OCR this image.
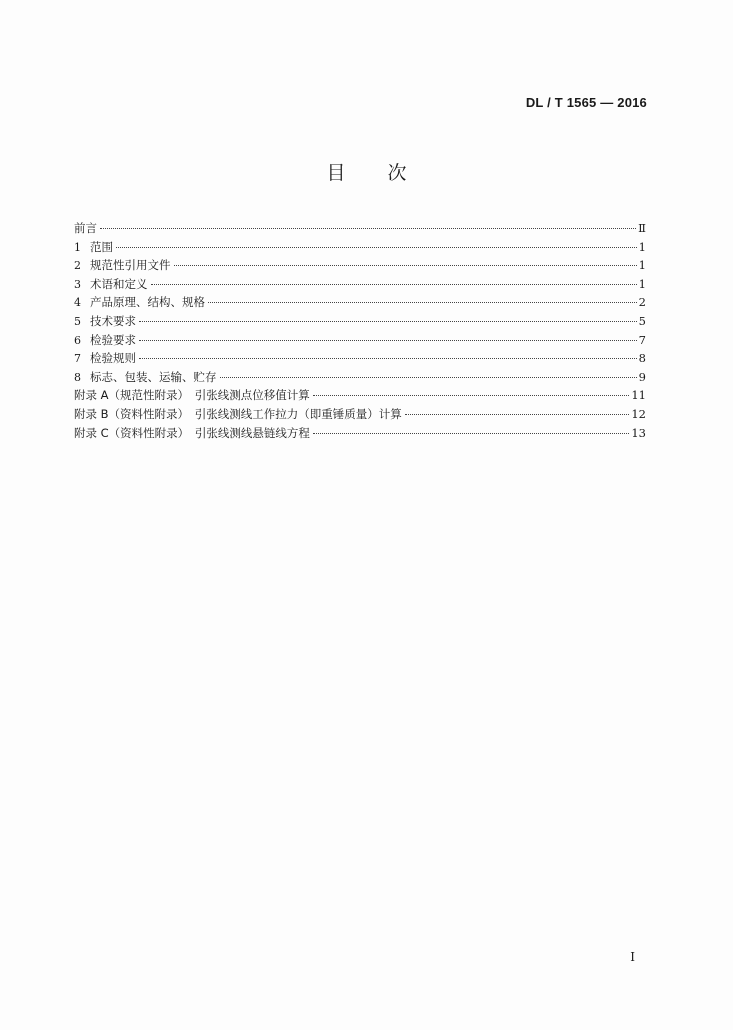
DL / T 1565 — 2016
目 次
前言	Ⅱ
1 范围	1
2 规范性引用文件	1
3 术语和定义	1
4 产品原理、结构、规格	2
5 技术要求	5
6 检验要求	7
7 检验规则	8
8 标志、包装、运输、贮存	9
附录 A（规范性附录）　引张线测点位移值计算	11
附录 B（资料性附录）　引张线测线工作拉力（即重锤质量）计算	12
附录 C（资料性附录）　引张线测线悬链线方程	13
I
